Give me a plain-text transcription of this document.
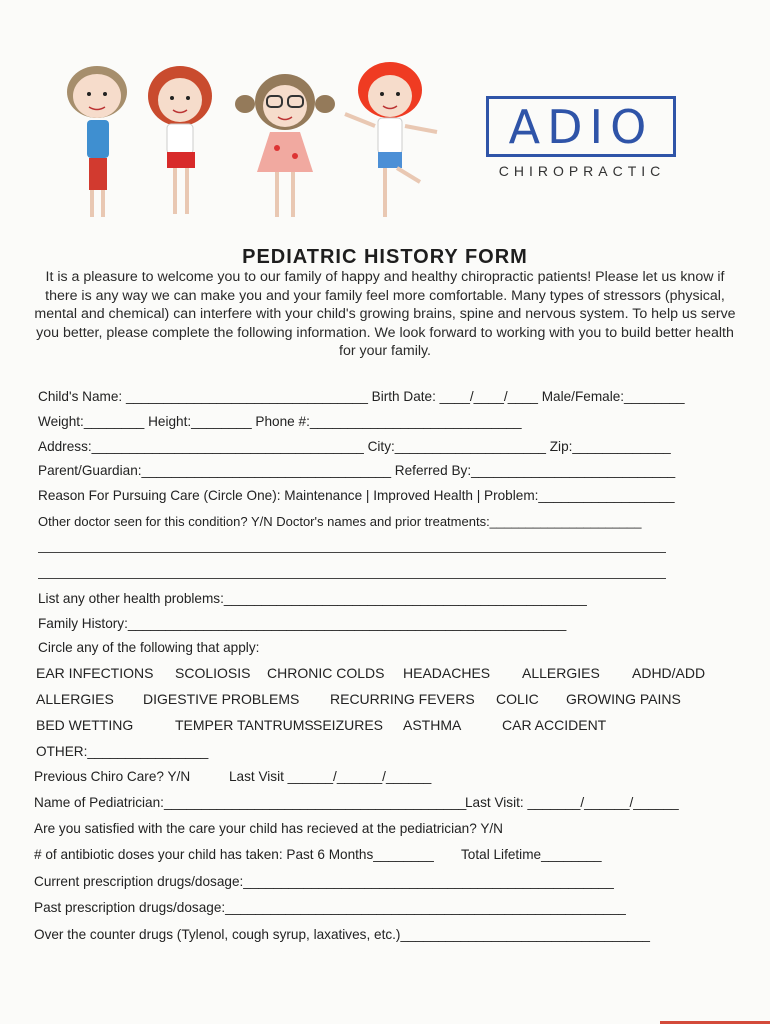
ADIO
CHIROPRACTIC
PEDIATRIC HISTORY FORM
It is a pleasure to welcome you to our family of happy and healthy chiropractic patients! Please let us know if there is any way we can make you and your family feel more comfortable. Many types of stressors (physical, mental and chemical) can interfere with your child's growing brains, spine and nervous system. To help us serve you better, please complete the following information. We look forward to working with you to build better health for your family.
Child's Name: ________________________________ Birth Date: ____/____/____ Male/Female:________
Weight:________ Height:________ Phone #:____________________________
Address:____________________________________ City:____________________ Zip:_____________
Parent/Guardian:_________________________________ Referred By:___________________________
Reason For Pursuing Care (Circle One): Maintenance | Improved Health | Problem:__________________
Other doctor seen for this condition? Y/N Doctor's names and prior treatments:_____________________
List any other health problems:________________________________________________
Family History:__________________________________________________________
Circle any of the following that apply:
EAR INFECTIONS SCOLIOSIS CHRONIC COLDS HEADACHES ALLERGIES ADHD/ADD
ALLERGIES DIGESTIVE PROBLEMS RECURRING FEVERS COLIC GROWING PAINS
BED WETTING	TEMPER TANTRUMS SEIZURES ASTHMA	CAR ACCIDENT
OTHER:________________
Previous Chiro Care? Y/N	Last Visit ______/______/______
Name of Pediatrician:________________________________________
Last Visit: _______/______/______
Are you satisfied with the care your child has recieved at the pediatrician? Y/N
# of antibiotic doses your child has taken: Past 6 Months________ Total Lifetime________
Current prescription drugs/dosage:_________________________________________________
Past prescription drugs/dosage:_____________________________________________________
Over the counter drugs (Tylenol, cough syrup, laxatives, etc.)_________________________________
